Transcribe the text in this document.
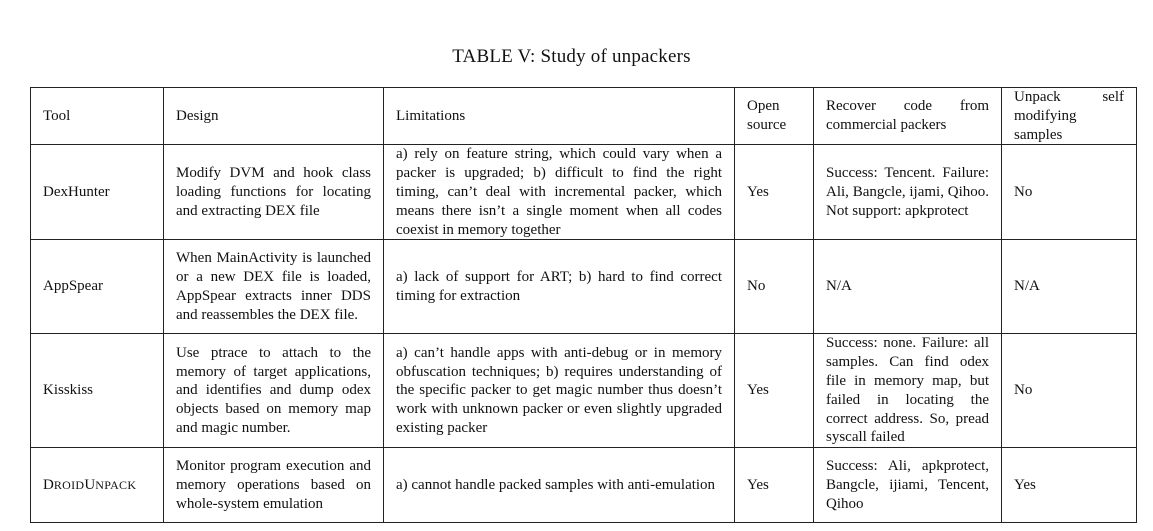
TABLE V: Study of unpackers
Tool	Design	Limitations	Open source	Recover code from commercial packers	Unpack self modifying samples
DexHunter	Modify DVM and hook class loading functions for locating and extracting DEX file	a) rely on feature string, which could vary when a packer is upgraded; b) difficult to find the right timing, can’t deal with incremental packer, which means there isn’t a single moment when all codes coexist in memory together	Yes	Success: Tencent. Failure: Ali, Bangcle, ijami, Qihoo. Not support: apkprotect	No
AppSpear	When MainActivity is launched or a new DEX file is loaded, AppSpear extracts inner DDS and reassembles the DEX file.	a) lack of support for ART; b) hard to find correct timing for extraction	No	N/A	N/A
Kisskiss	Use ptrace to attach to the memory of target applications, and identifies and dump odex objects based on memory map and magic number.	a) can’t handle apps with anti-debug or in memory obfuscation techniques; b) requires understanding of the specific packer to get magic number thus doesn’t work with unknown packer or even slightly upgraded existing packer	Yes	Success: none. Failure: all samples. Can find odex file in memory map, but failed in locating the correct address. So, pread syscall failed	No
DROIDUNPACK	Monitor program execution and memory operations based on whole-system emulation	a) cannot handle packed samples with anti-emulation	Yes	Success: Ali, apkprotect, Bangcle, ijiami, Tencent, Qihoo	Yes
